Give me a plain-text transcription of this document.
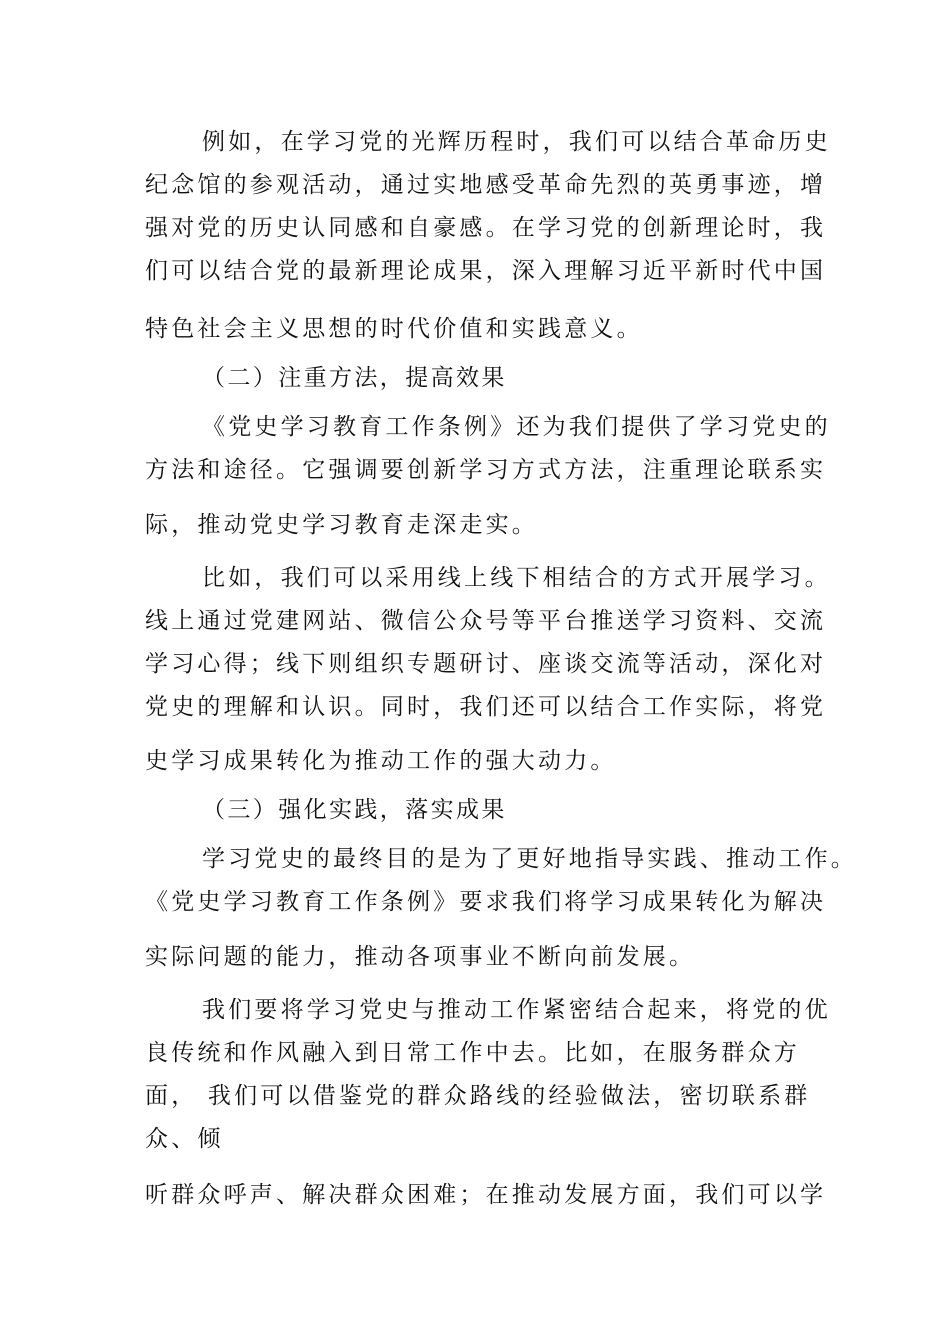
例如，在学习党的光辉历程时，我们可以结合革命历史
纪念馆的参观活动，通过实地感受革命先烈的英勇事迹，增
强对党的历史认同感和自豪感。在学习党的创新理论时，我
们可以结合党的最新理论成果，深入理解习近平新时代中国
特色社会主义思想的时代价值和实践意义。
（二）注重方法，提高效果
《党史学习教育工作条例》还为我们提供了学习党史的
方法和途径。它强调要创新学习方式方法，注重理论联系实
际，推动党史学习教育走深走实。
比如，我们可以采用线上线下相结合的方式开展学习。
线上通过党建网站、微信公众号等平台推送学习资料、交流
学习心得；线下则组织专题研讨、座谈交流等活动，深化对
党史的理解和认识。同时，我们还可以结合工作实际，将党
史学习成果转化为推动工作的强大动力。
（三）强化实践，落实成果
学习党史的最终目的是为了更好地指导实践、推动工作。
《党史学习教育工作条例》要求我们将学习成果转化为解决
实际问题的能力，推动各项事业不断向前发展。
我们要将学习党史与推动工作紧密结合起来，将党的优
良传统和作风融入到日常工作中去。比如，在服务群众方
面， 我们可以借鉴党的群众路线的经验做法，密切联系群
众、倾
听群众呼声、解决群众困难；在推动发展方面，我们可以学
